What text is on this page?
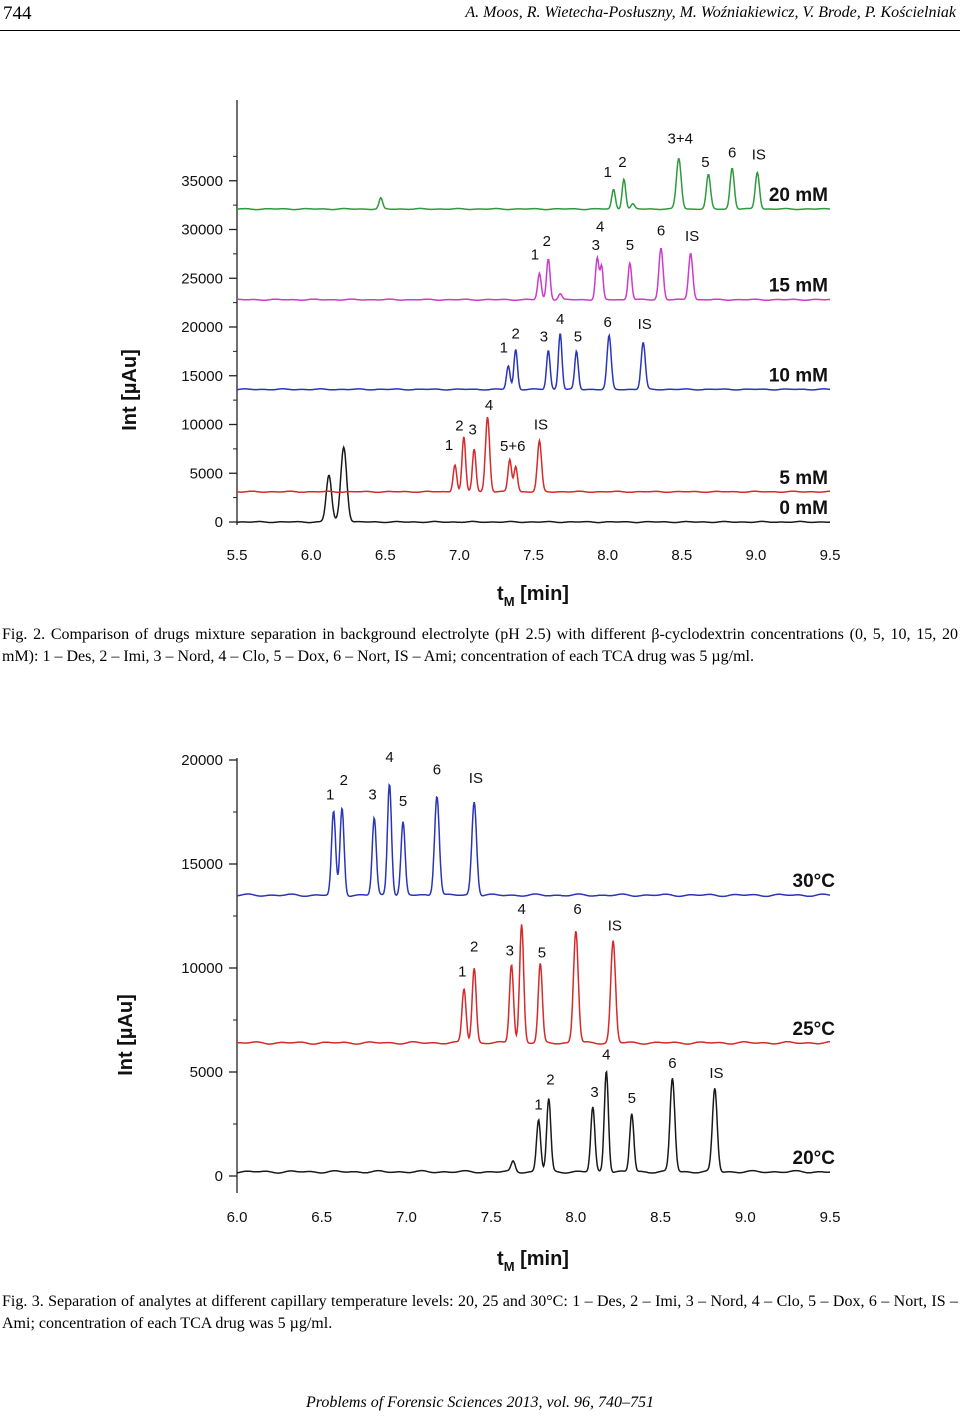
744	A. Moos, R. Wietecha-Posłuszny, M. Woźniakiewicz, V. Brode, P. Kościelniak
0
5000
10000
15000
20000
25000
30000
35000
5.5	6.0	6.5	7.0	7.5	8.0	8.5	9.0	9.5
1
2 3
4
5+6
IS
1
2 3
4
5
6 IS
1
2	3
4
5
6 IS
1
2
3+4
5
6 IS
0 mM
5 mM
10 mM
15 mM
20 mM
Int [µAu]
$t_M$ [min]
Fig. 2. Comparison of drugs mixture separation in background electrolyte (pH 2.5) with different β-cyclodextrin concentrations (0, 5, 10, 15, 20 mM): 1 – Des, 2 – Imi, 3 – Nord, 4 – Clo, 5 – Dox, 6 – Nort, IS – Ami; concentration of each TCA drug was 5 µg/ml.
0
5000
10000
15000
20000
6.0	6.5	7.0	7.5	8.0	8.5	9.0	9.5
1
2
3
4
5
6
IS
1
2 3
4
5
6
IS
1
2
3
4
5
6 IS
20°C
25°C
30°C
Int [µAu]
$t_M$ [min]
Fig. 3. Separation of analytes at different capillary temperature levels: 20, 25 and 30°C: 1 – Des, 2 – Imi, 3 – Nord, 4 – Clo, 5 – Dox, 6 – Nort, IS – Ami; concentration of each TCA drug was 5 µg/ml.
Problems of Forensic Sciences 2013, vol. 96, 740–751
